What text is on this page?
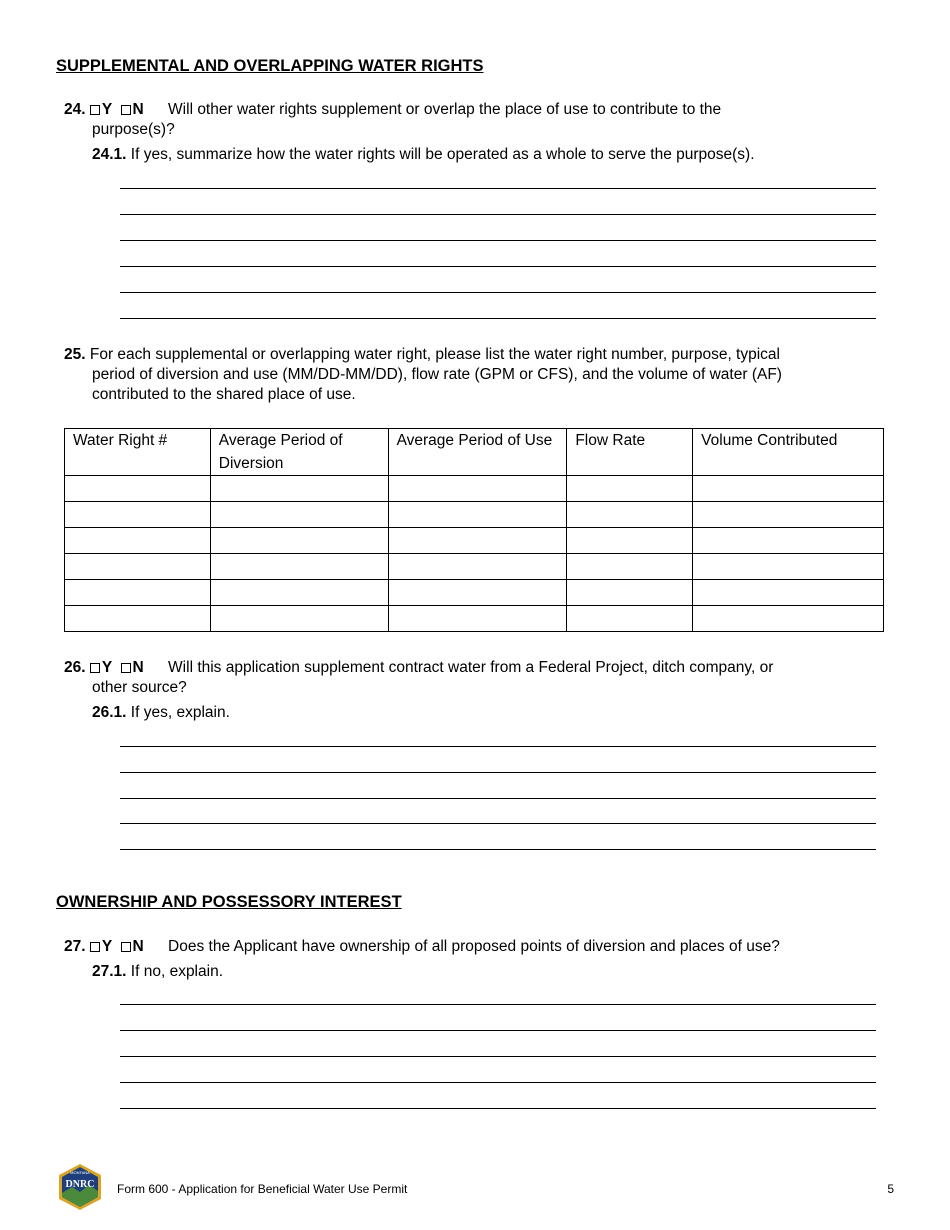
SUPPLEMENTAL AND OVERLAPPING WATER RIGHTS
24. Y N Will other water rights supplement or overlap the place of use to contribute to the
purpose(s)?
24.1. If yes, summarize how the water rights will be operated as a whole to serve the purpose(s).
25. For each supplemental or overlapping water right, please list the water right number, purpose, typical
period of diversion and use (MM/DD-MM/DD), flow rate (GPM or CFS), and the volume of water (AF)
contributed to the shared place of use.
Water Right #	Average Period of Diversion	Average Period of Use	Flow Rate	Volume Contributed

26. Y N Will this application supplement contract water from a Federal Project, ditch company, or
other source?
26.1. If yes, explain.
OWNERSHIP AND POSSESSORY INTEREST
27. Y N Does the Applicant have ownership of all proposed points of diversion and places of use?
27.1. If no, explain.
MONTANA
DNRC Form 600 - Application for Beneficial Water Use Permit	5
